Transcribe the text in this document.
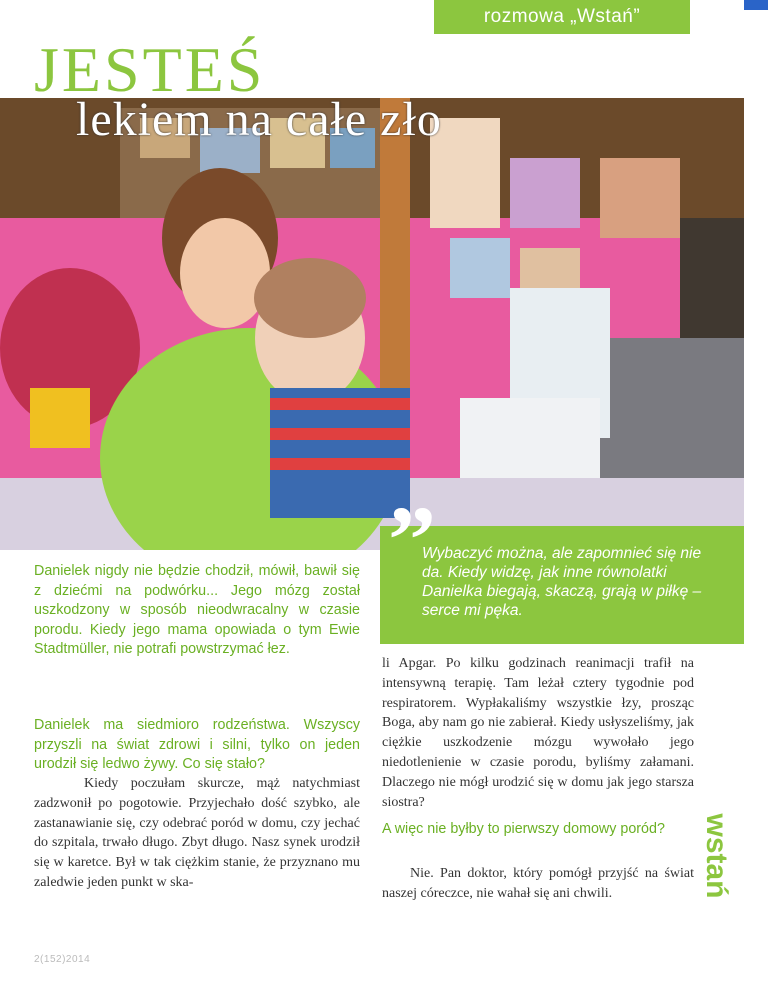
rozmowa „Wstań”
JESTEŚ
lekiem na całe zło
”
Wybaczyć można, ale zapomnieć się nie da. Kiedy widzę, jak inne równolatki Danielka biegają, skaczą, grają w piłkę – serce mi pęka.
Danielek nigdy nie będzie chodził, mówił, bawił się z dziećmi na podwórku... Jego mózg został uszkodzony w sposób nieodwracalny w czasie porodu. Kiedy jego mama opowiada o tym Ewie Stadtmüller, nie potrafi powstrzymać łez.
Danielek ma siedmioro rodzeństwa. Wszyscy przyszli na świat zdrowi i silni, tylko on jeden urodził się ledwo żywy. Co się stało?
Kiedy poczułam skurcze, mąż natychmiast zadzwonił po pogotowie. Przyjechało dość szybko, ale zastanawianie się, czy odebrać poród w domu, czy jechać do szpitala, trwało długo. Zbyt długo. Nasz synek urodził się w karetce. Był w tak ciężkim stanie, że przyznano mu zaledwie jeden punkt w ska-
li Apgar. Po kilku godzinach reanimacji trafił na intensywną terapię. Tam leżał cztery tygodnie pod respiratorem. Wypłakaliśmy wszystkie łzy, prosząc Boga, aby nam go nie zabierał. Kiedy usłyszeliśmy, jak ciężkie uszkodzenie mózgu wywołało jego niedotlenienie w czasie porodu, byliśmy załamani. Dlaczego nie mógł urodzić się w domu jak jego starsza siostra?
A więc nie byłby to pierwszy domowy poród?
Nie. Pan doktor, który pomógł przyjść na świat naszej córeczce, nie wahał się ani chwili.
2(152)2014
wstań
